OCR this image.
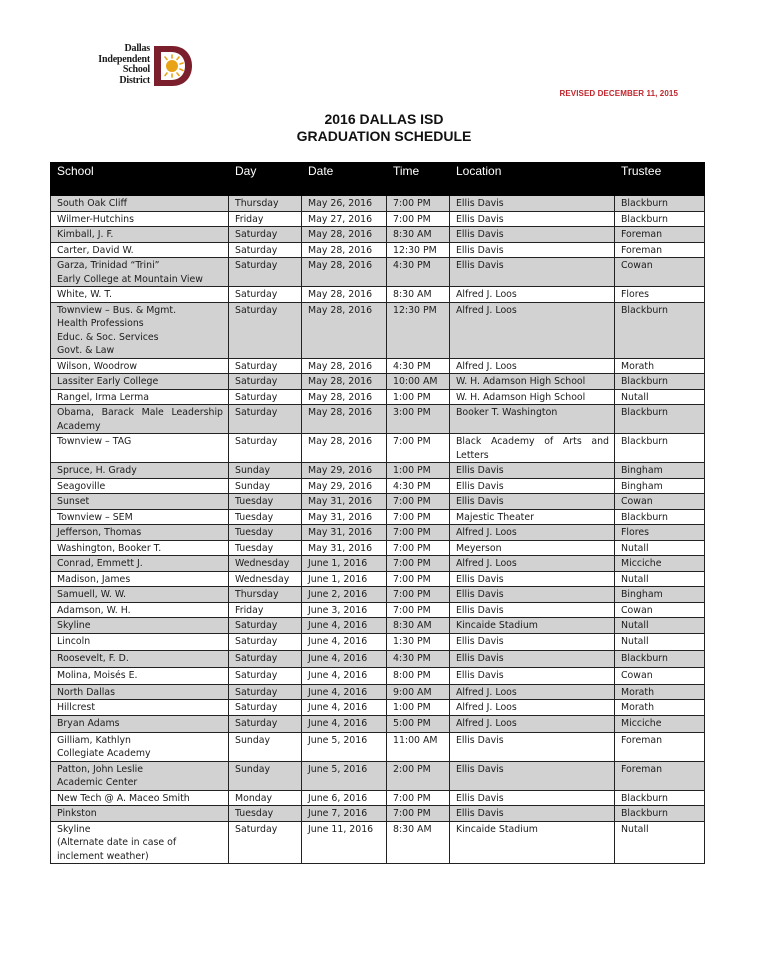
Dallas
Independent
School
District
REVISED DECEMBER 11, 2015
2016 DALLAS ISD
GRADUATION SCHEDULE
School	Day	Date	Time	Location	Trustee
South Oak Cliff	Thursday	May 26, 2016	7:00 PM	Ellis Davis	Blackburn
Wilmer-Hutchins	Friday	May 27, 2016	7:00 PM	Ellis Davis	Blackburn
Kimball, J. F.	Saturday	May 28, 2016	8:30 AM	Ellis Davis	Foreman
Carter, David W.	Saturday	May 28, 2016	12:30 PM	Ellis Davis	Foreman
Garza, Trinidad “Trini”
Early College at Mountain View	Saturday	May 28, 2016	4:30 PM	Ellis Davis	Cowan
White, W. T.	Saturday	May 28, 2016	8:30 AM	Alfred J. Loos	Flores
Townview – Bus. & Mgmt.
Health Professions
Educ. & Soc. Services
Govt. & Law	Saturday	May 28, 2016	12:30 PM	Alfred J. Loos	Blackburn
Wilson, Woodrow	Saturday	May 28, 2016	4:30 PM	Alfred J. Loos	Morath
Lassiter Early College	Saturday	May 28, 2016	10:00 AM	W. H. Adamson High School	Blackburn
Rangel, Irma Lerma	Saturday	May 28, 2016	1:00 PM	W. H. Adamson High School	Nutall
Obama, Barack Male Leadership Academy	Saturday	May 28, 2016	3:00 PM	Booker T. Washington	Blackburn
Townview – TAG	Saturday	May 28, 2016	7:00 PM	Black Academy of Arts and Letters	Blackburn
Spruce, H. Grady	Sunday	May 29, 2016	1:00 PM	Ellis Davis	Bingham
Seagoville	Sunday	May 29, 2016	4:30 PM	Ellis Davis	Bingham
Sunset	Tuesday	May 31, 2016	7:00 PM	Ellis Davis	Cowan
Townview – SEM	Tuesday	May 31, 2016	7:00 PM	Majestic Theater	Blackburn
Jefferson, Thomas	Tuesday	May 31, 2016	7:00 PM	Alfred J. Loos	Flores
Washington, Booker T.	Tuesday	May 31, 2016	7:00 PM	Meyerson	Nutall
Conrad, Emmett J.	Wednesday	June 1, 2016	7:00 PM	Alfred J. Loos	Micciche
Madison, James	Wednesday	June 1, 2016	7:00 PM	Ellis Davis	Nutall
Samuell, W. W.	Thursday	June 2, 2016	7:00 PM	Ellis Davis	Bingham
Adamson, W. H.	Friday	June 3, 2016	7:00 PM	Ellis Davis	Cowan
Skyline	Saturday	June 4, 2016	8:30 AM	Kincaide Stadium	Nutall
Lincoln	Saturday	June 4, 2016	1:30 PM	Ellis Davis	Nutall
Roosevelt, F. D.	Saturday	June 4, 2016	4:30 PM	Ellis Davis	Blackburn
Molina, Moisés E.	Saturday	June 4, 2016	8:00 PM	Ellis Davis	Cowan
North Dallas	Saturday	June 4, 2016	9:00 AM	Alfred J. Loos	Morath
Hillcrest	Saturday	June 4, 2016	1:00 PM	Alfred J. Loos	Morath
Bryan Adams	Saturday	June 4, 2016	5:00 PM	Alfred J. Loos	Micciche
Gilliam, Kathlyn
Collegiate Academy	Sunday	June 5, 2016	11:00 AM	Ellis Davis	Foreman
Patton, John Leslie
Academic Center	Sunday	June 5, 2016	2:00 PM	Ellis Davis	Foreman
New Tech @ A. Maceo Smith	Monday	June 6, 2016	7:00 PM	Ellis Davis	Blackburn
Pinkston	Tuesday	June 7, 2016	7:00 PM	Ellis Davis	Blackburn
Skyline
(Alternate date in case of inclement weather)	Saturday	June 11, 2016	8:30 AM	Kincaide Stadium	Nutall
